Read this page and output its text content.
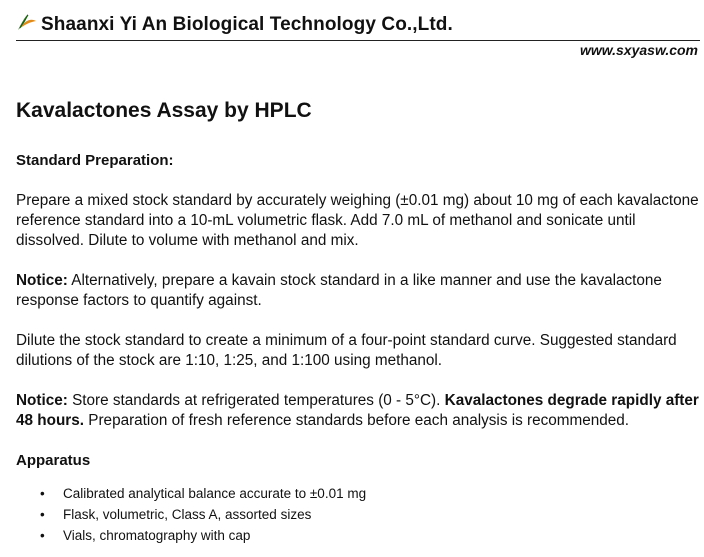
Shaanxi Yi An Biological Technology Co.,Ltd.
www.sxyasw.com
Kavalactones Assay by HPLC
Standard Preparation:

Prepare a mixed stock standard by accurately weighing (±0.01 mg) about 10 mg of each kavalactone reference standard into a 10-mL volumetric flask. Add 7.0 mL of methanol and sonicate until dissolved. Dilute to volume with methanol and mix.

Notice: Alternatively, prepare a kavain stock standard in a like manner and use the kavalactone response factors to quantify against.

Dilute the stock standard to create a minimum of a four-point standard curve. Suggested standard dilutions of the stock are 1:10, 1:25, and 1:100 using methanol.

Notice: Store standards at refrigerated temperatures (0 - 5°C). Kavalactones degrade rapidly after 48 hours. Preparation of fresh reference standards before each analysis is recommended.

Apparatus
• Calibrated analytical balance accurate to ±0.01 mg
• Flask, volumetric, Class A, assorted sizes
• Vials, chromatography with cap
